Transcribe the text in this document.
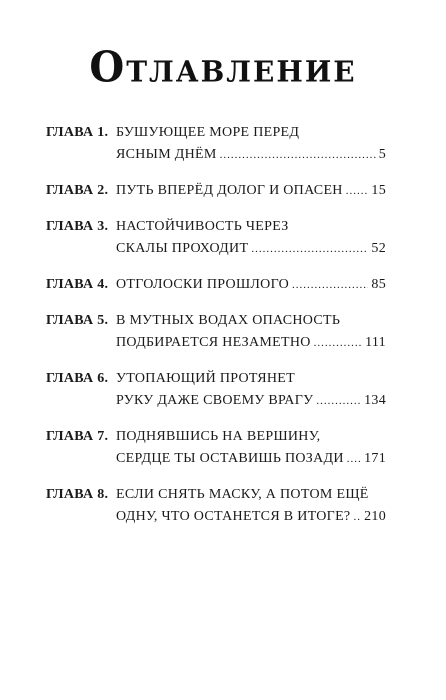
Отлавление
ГЛАВА 1. БУШУЮЩЕЕ МОРЕ ПЕРЕД
ЯСНЫМ ДНЁМ .....	5
ГЛАВА 2. ПУТЬ ВПЕРЁД ДОЛОГ И ОПАСЕН ..... 15
ГЛАВА 3. НАСТОЙЧИВОСТЬ ЧЕРЕЗ
СКАЛЫ ПРОХОДИТ .....	52
ГЛАВА 4. ОТГОЛОСКИ ПРОШЛОГО .....	85
ГЛАВА 5. В МУТНЫХ ВОДАХ ОПАСНОСТЬ
ПОДБИРАЕТСЯ НЕЗАМЕТНО .....	111
ГЛАВА 6. УТОПАЮЩИЙ ПРОТЯНЕТ
РУКУ ДАЖЕ СВОЕМУ ВРАГУ .....	134
ГЛАВА 7. ПОДНЯВШИСЬ НА ВЕРШИНУ,
СЕРДЦЕ ТЫ ОСТАВИШЬ ПОЗАДИ ..... 171
ГЛАВА 8. ЕСЛИ СНЯТЬ МАСКУ, А ПОТОМ ЕЩЁ
ОДНУ, ЧТО ОСТАНЕТСЯ В ИТОГЕ? ..... 210
